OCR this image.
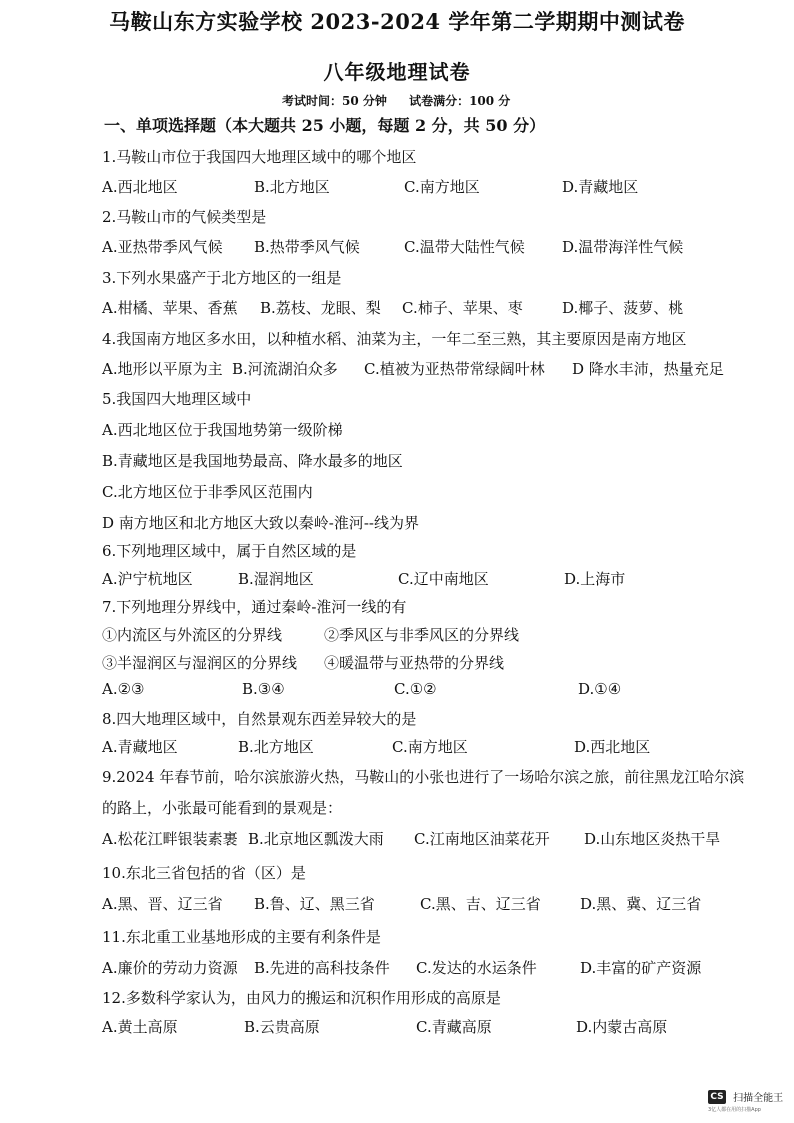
马鞍山东方实验学校 2023-2024 学年第二学期期中测试卷
八年级地理试卷
考试时间：50 分钟 试卷满分：100 分
一、单项选择题（本大题共 25 小题，每题 2 分，共 50 分）
1.马鞍山市位于我国四大地理区域中的哪个地区
A.西北地区	B.北方地区	C.南方地区	D.青藏地区
2.马鞍山市的气候类型是
A.亚热带季风气候 B.热带季风气候	C.温带大陆性气候 D.温带海洋性气候
3.下列水果盛产于北方地区的一组是
A.柑橘、苹果、香蕉 B.荔枝、龙眼、梨 C.柿子、苹果、枣	D.椰子、菠萝、桃
4.我国南方地区多水田，以种植水稻、油菜为主，一年二至三熟，其主要原因是南方地区
A.地形以平原为主 B.河流湖泊众多 C.植被为亚热带常绿阔叶林 D 降水丰沛，热量充足
5.我国四大地理区域中
A.西北地区位于我国地势第一级阶梯
B.青藏地区是我国地势最高、降水最多的地区
C.北方地区位于非季风区范围内
D 南方地区和北方地区大致以秦岭-淮河--线为界
6.下列地理区域中，属于自然区域的是
A.沪宁杭地区	B.湿润地区	C.辽中南地区	D.上海市
7.下列地理分界线中，通过秦岭-淮河一线的有
①内流区与外流区的分界线	②季风区与非季风区的分界线
③半湿润区与湿润区的分界线 ④暖温带与亚热带的分界线
A.②③	B.③④	C.①②	D.①④
8.四大地理区域中，自然景观东西差异较大的是
A.青藏地区	B.北方地区	C.南方地区	D.西北地区
9.2024 年春节前，哈尔滨旅游火热，马鞍山的小张也进行了一场哈尔滨之旅，前往黑龙江哈尔滨
的路上，小张最可能看到的景观是：
A.松花江畔银装素裹 B.北京地区瓢泼大雨 C.江南地区油菜花开 D.山东地区炎热干旱
10.东北三省包括的省（区）是
A.黑、晋、辽三省 B.鲁、辽、黑三省	C.黑、吉、辽三省	D.黑、冀、辽三省
11.东北重工业基地形成的主要有利条件是
A.廉价的劳动力资源 B.先进的高科技条件 C.发达的水运条件	D.丰富的矿产资源
12.多数科学家认为，由风力的搬运和沉积作用形成的高原是
A.黄土高原	B.云贵高原	C.青藏高原	D.内蒙古高原
CS 扫描全能王
3亿人都在用的扫描App
